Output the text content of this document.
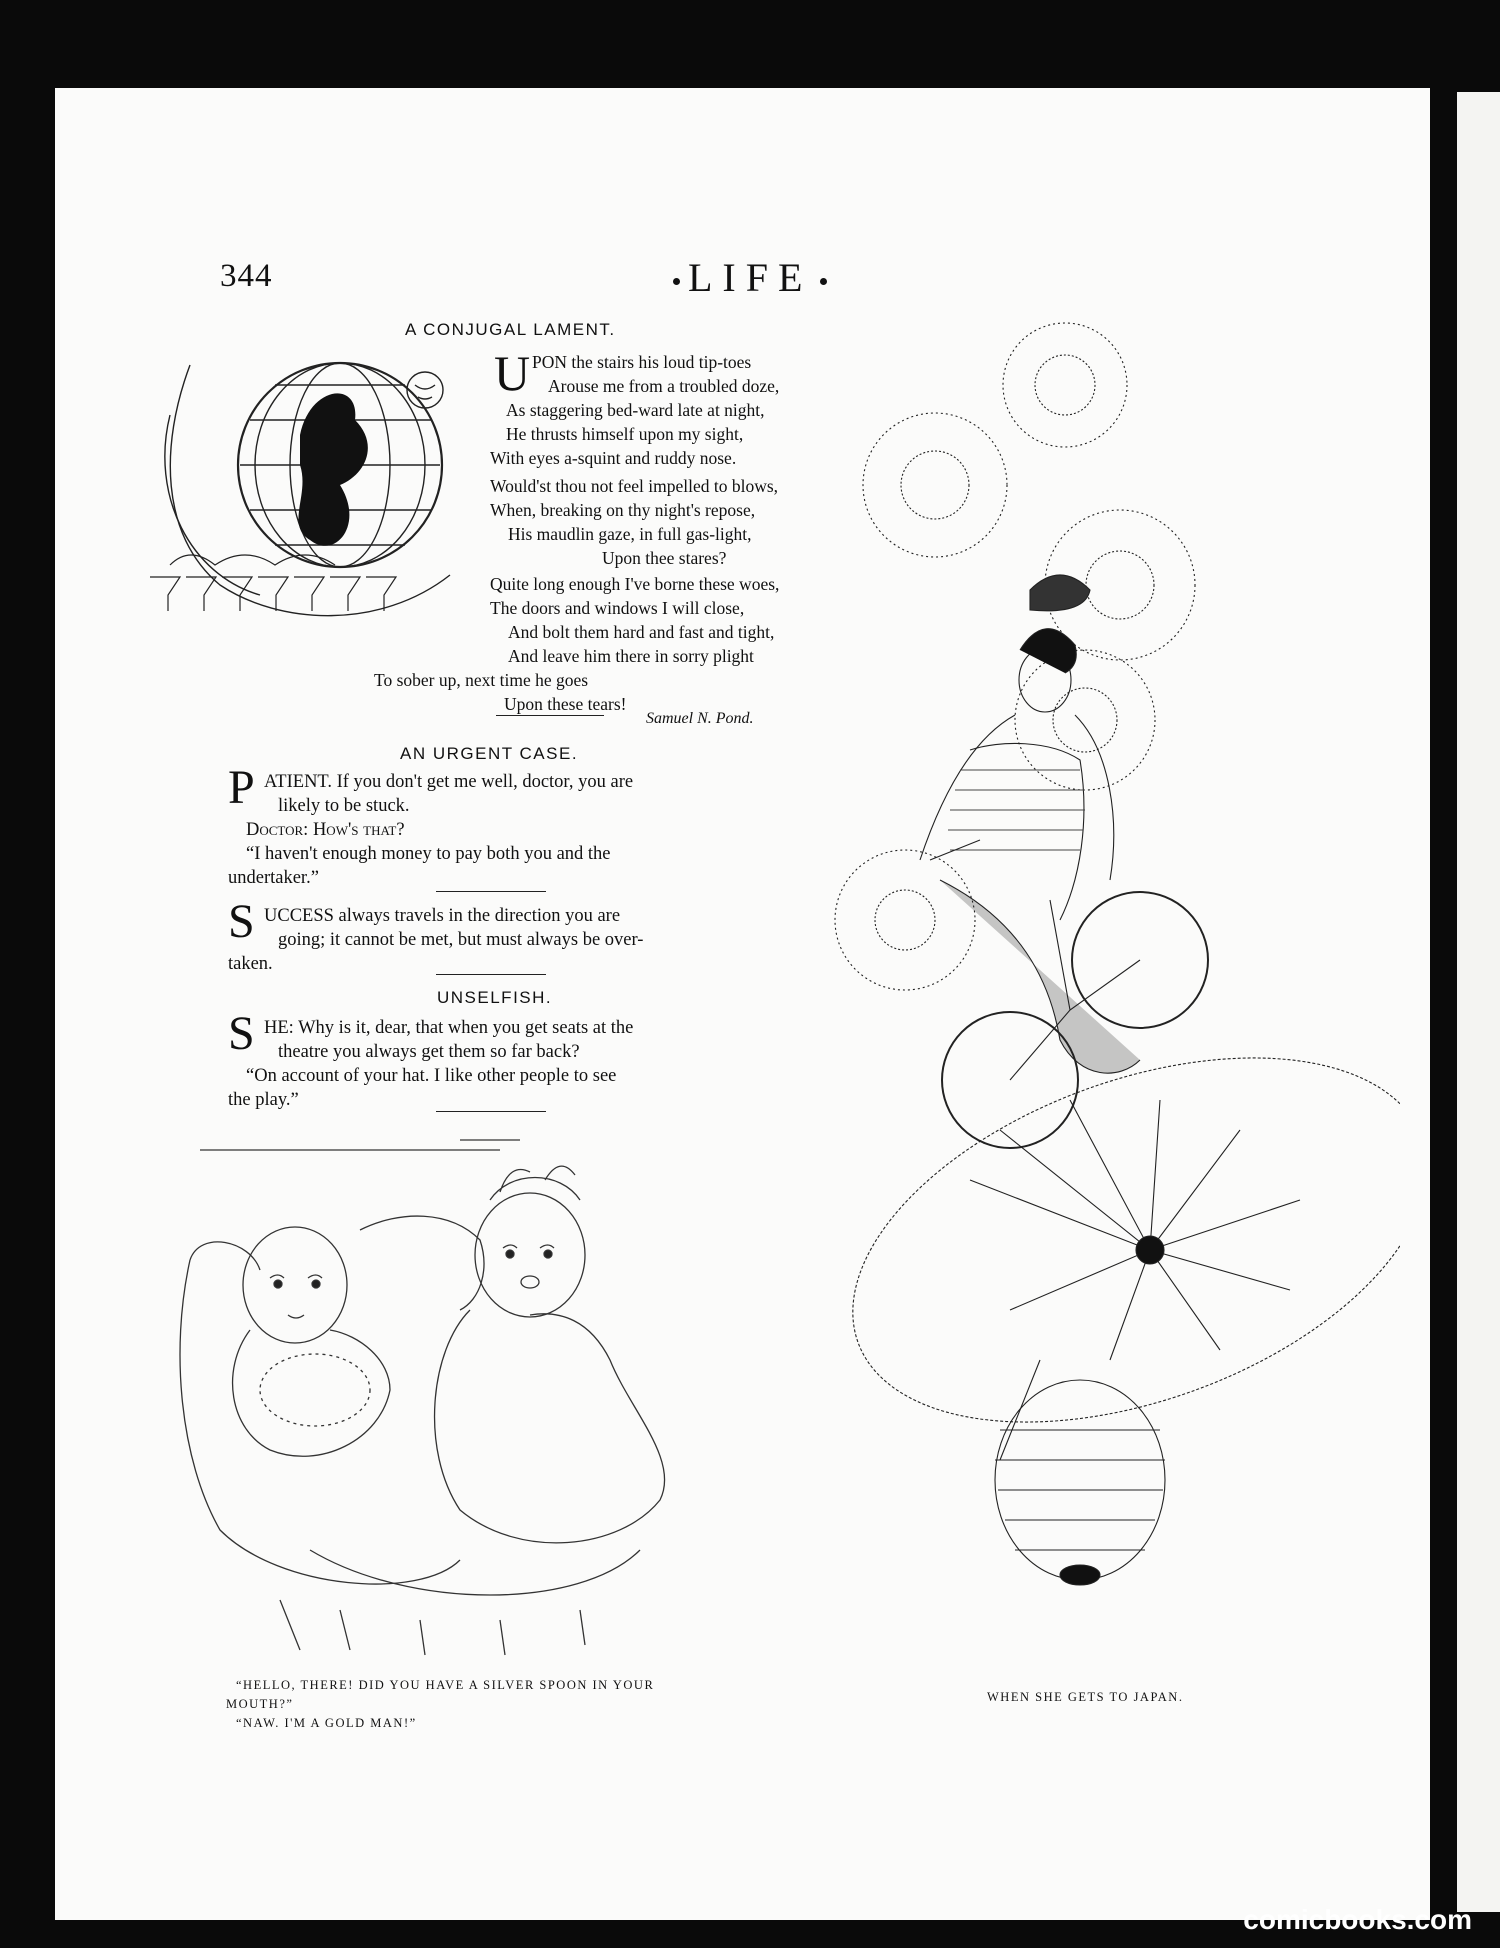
344	LIFE
A CONJUGAL LAMENT.
U PON the stairs his loud tip-toes
Arouse me from a troubled doze,
As staggering bed-ward late at night,
He thrusts himself upon my sight,
With eyes a-squint and ruddy nose.
Would'st thou not feel impelled to blows,
When, breaking on thy night's repose,
His maudlin gaze, in full gas-light,
Upon thee stares?
Quite long enough I've borne these woes,
The doors and windows I will close,
And bolt them hard and fast and tight,
And leave him there in sorry plight
To sober up, next time he goes
Upon these tears!
Samuel N. Pond.
AN URGENT CASE.
P ATIENT. If you don't get me well, doctor, you are
likely to be stuck.
Doctor: How's that?
“I haven't enough money to pay both you and the
undertaker.”
S UCCESS always travels in the direction you are
going; it cannot be met, but must always be over-
taken.
UNSELFISH.
S HE: Why is it, dear, that when you get seats at the
theatre you always get them so far back?
“On account of your hat. I like other people to see
the play.”
“HELLO, THERE! DID YOU HAVE A SILVER SPOON IN YOUR
MOUTH?”
“NAW. I'M A GOLD MAN!”
WHEN SHE GETS TO JAPAN.
comicbooks.com
